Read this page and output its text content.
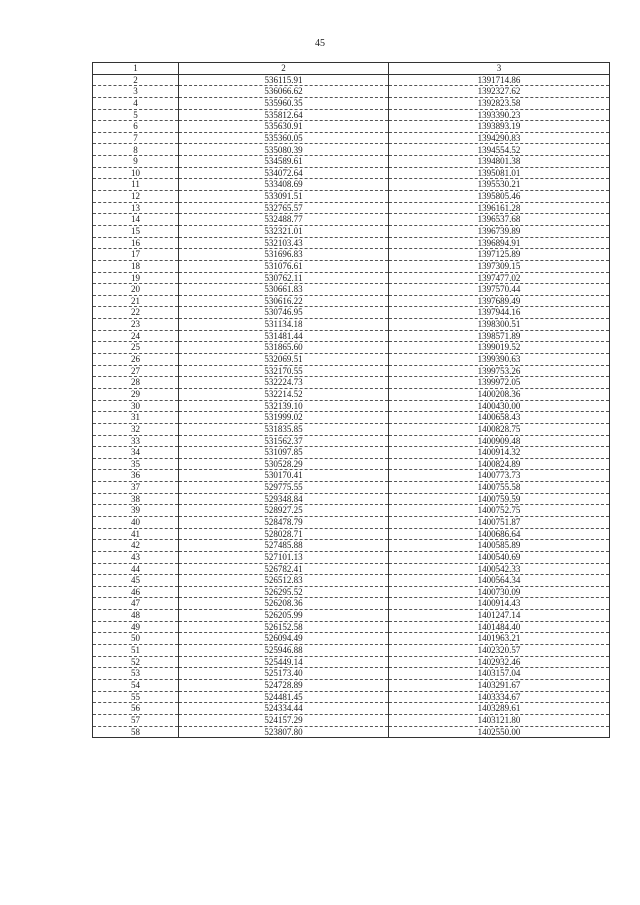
45
1	2	3
2	536115.91	1391714.86
3	536066.62	1392327.62
4	535960.35	1392823.58
5	535812.64	1393390.23
6	535630.91	1393893.19
7	535360.05	1394290.83
8	535080.39	1394554.52
9	534589.61	1394801.38
10	534072.64	1395081.01
11	533408.69	1395530.21
12	533091.51	1395805.46
13	532765.57	1396161.28
14	532488.77	1396537.68
15	532321.01	1396739.89
16	532103.43	1396894.91
17	531696.83	1397125.89
18	531076.61	1397309.15
19	530762.11	1397477.02
20	530661.83	1397570.44
21	530616.22	1397689.49
22	530746.95	1397944.16
23	531134.18	1398300.51
24	531481.44	1398571.89
25	531865.60	1399019.52
26	532069.51	1399390.63
27	532170.55	1399753.26
28	532224.73	1399972.05
29	532214.52	1400208.36
30	532139.10	1400430.00
31	531999.02	1400658.43
32	531835.85	1400828.75
33	531562.37	1400909.48
34	531097.85	1400914.32
35	530528.29	1400824.89
36	530170.41	1400773.73
37	529775.55	1400755.58
38	529348.84	1400759.59
39	528927.25	1400752.75
40	528478.79	1400751.87
41	528028.71	1400686.64
42	527485.88	1400585.89
43	527101.13	1400540.69
44	526782.41	1400542.33
45	526512.83	1400564.34
46	526295.52	1400730.09
47	526208.36	1400914.43
48	526205.99	1401247.14
49	526152.58	1401484.40
50	526094.49	1401963.21
51	525946.88	1402320.57
52	525449.14	1402932.46
53	525173.40	1403157.04
54	524728.89	1403291.67
55	524481.45	1403334.67
56	524334.44	1403289.61
57	524157.29	1403121.80
58	523807.80	1402550.00
